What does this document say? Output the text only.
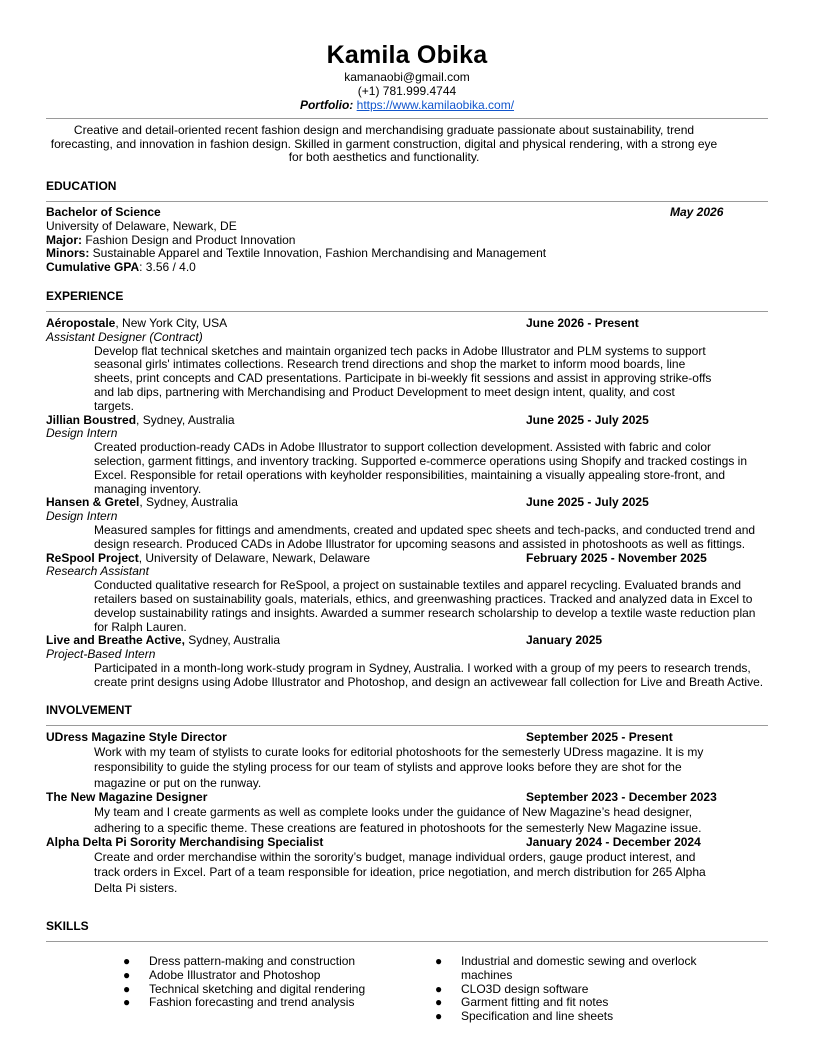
Kamila Obika
kamanaobi@gmail.com
(+1) 781.999.4744
Portfolio: https://www.kamilaobika.com/
Creative and detail-oriented recent fashion design and merchandising graduate passionate about sustainability, trend
forecasting, and innovation in fashion design. Skilled in garment construction, digital and physical rendering, with a strong eye
for both aesthetics and functionality.
EDUCATION
Bachelor of Science	May 2026
University of Delaware, Newark, DE
Major: Fashion Design and Product Innovation
Minors: Sustainable Apparel and Textile Innovation, Fashion Merchandising and Management
Cumulative GPA: 3.56 / 4.0
EXPERIENCE
Aéropostale, New York City, USA	June 2026 - Present
Assistant Designer (Contract)
Develop flat technical sketches and maintain organized tech packs in Adobe Illustrator and PLM systems to support
seasonal girls' intimates collections. Research trend directions and shop the market to inform mood boards, line
sheets, print concepts and CAD presentations. Participate in bi-weekly fit sessions and assist in approving strike-offs
and lab dips, partnering with Merchandising and Product Development to meet design intent, quality, and cost
targets.
Jillian Boustred, Sydney, Australia	June 2025 - July 2025
Design Intern
Created production-ready CADs in Adobe Illustrator to support collection development. Assisted with fabric and color
selection, garment fittings, and inventory tracking. Supported e-commerce operations using Shopify and tracked costings in
Excel. Responsible for retail operations with keyholder responsibilities, maintaining a visually appealing store-front, and
managing inventory.
Hansen & Gretel, Sydney, Australia	June 2025 - July 2025
Design Intern
Measured samples for fittings and amendments, created and updated spec sheets and tech-packs, and conducted trend and
design research. Produced CADs in Adobe Illustrator for upcoming seasons and assisted in photoshoots as well as fittings.
ReSpool Project, University of Delaware, Newark, Delaware	February 2025 - November 2025
Research Assistant
Conducted qualitative research for ReSpool, a project on sustainable textiles and apparel recycling. Evaluated brands and
retailers based on sustainability goals, materials, ethics, and greenwashing practices. Tracked and analyzed data in Excel to
develop sustainability ratings and insights. Awarded a summer research scholarship to develop a textile waste reduction plan
for Ralph Lauren.
Live and Breathe Active, Sydney, Australia	January 2025
Project-Based Intern
Participated in a month-long work-study program in Sydney, Australia. I worked with a group of my peers to research trends,
create print designs using Adobe Illustrator and Photoshop, and design an activewear fall collection for Live and Breath Active.
INVOLVEMENT
UDress Magazine Style Director	September 2025 - Present
Work with my team of stylists to curate looks for editorial photoshoots for the semesterly UDress magazine. It is my
responsibility to guide the styling process for our team of stylists and approve looks before they are shot for the
magazine or put on the runway.
The New Magazine Designer	September 2023 - December 2023
My team and I create garments as well as complete looks under the guidance of New Magazine’s head designer,
adhering to a specific theme. These creations are featured in photoshoots for the semesterly New Magazine issue.
Alpha Delta Pi Sorority Merchandising Specialist	January 2024 - December 2024
Create and order merchandise within the sorority’s budget, manage individual orders, gauge product interest, and
track orders in Excel. Part of a team responsible for ideation, price negotiation, and merch distribution for 265 Alpha
Delta Pi sisters.
SKILLS
● Dress pattern-making and construction
● Adobe Illustrator and Photoshop
● Technical sketching and digital rendering
● Fashion forecasting and trend analysis
● Industrial and domestic sewing and overlock
machines
● CLO3D design software
● Garment fitting and fit notes
● Specification and line sheets
